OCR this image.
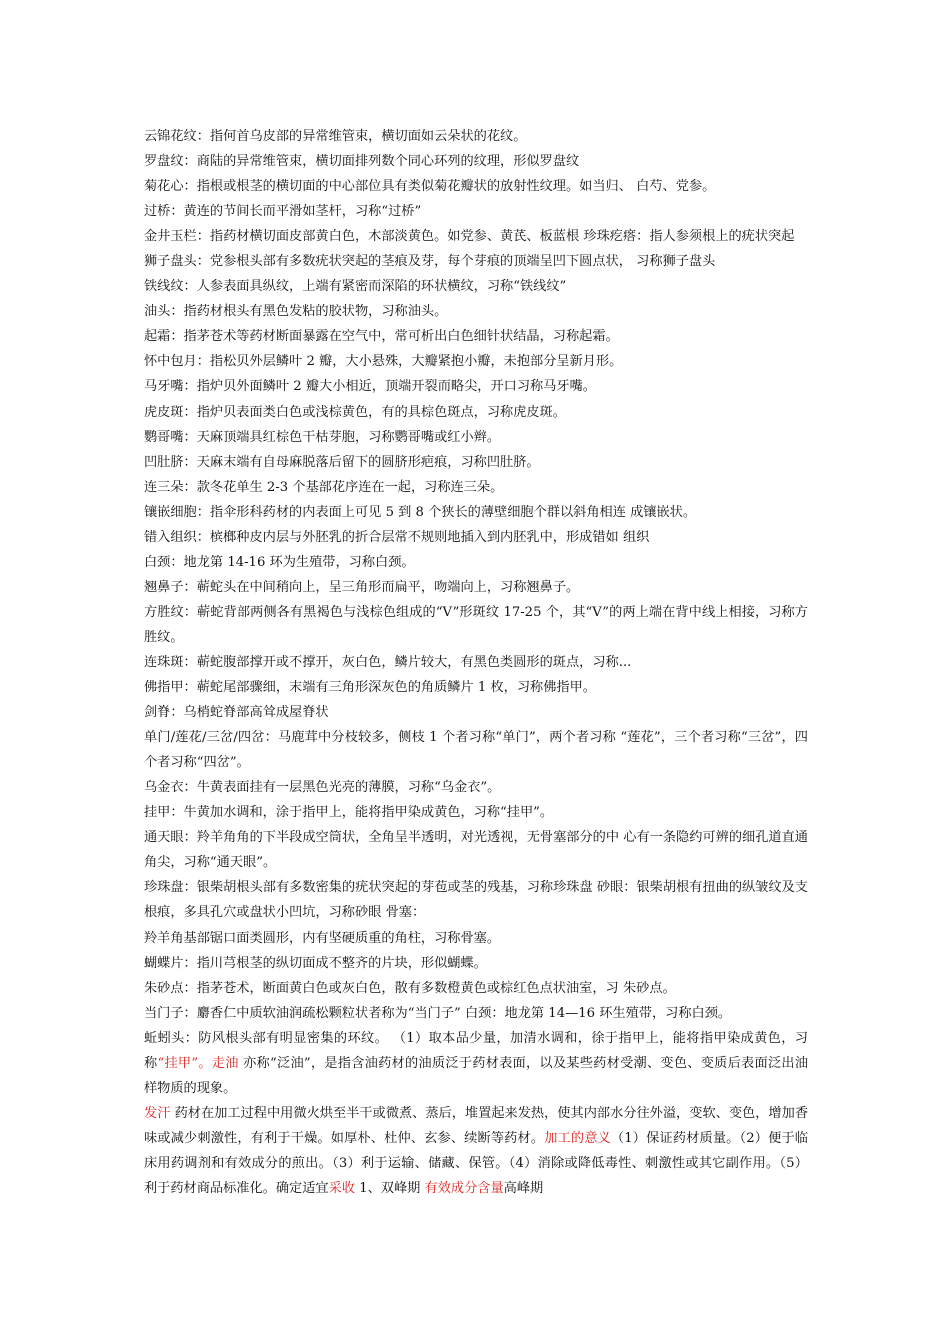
云锦花纹：指何首乌皮部的异常维管束，横切面如云朵状的花纹。

罗盘纹：商陆的异常维管束，横切面排列数个同心环列的纹理，形似罗盘纹

菊花心：指根或根茎的横切面的中心部位具有类似菊花瓣状的放射性纹理。如当归、 白芍、党参。

过桥：黄连的节间长而平滑如茎杆，习称“过桥”

金井玉栏：指药材横切面皮部黄白色，木部淡黄色。如党参、黄芪、板蓝根 珍珠疙瘩：指人参须根上的疣状突起

狮子盘头：党参根头部有多数疣状突起的茎痕及芽，每个芽痕的顶端呈凹下圆点状， 习称狮子盘头

铁线纹：人参表面具纵纹，上端有紧密而深陷的环状横纹，习称“铁线纹”

油头：指药材根头有黑色发粘的胶状物，习称油头。

起霜：指茅苍术等药材断面暴露在空气中，常可析出白色细针状结晶，习称起霜。

怀中包月：指松贝外层鳞叶 2 瓣，大小悬殊，大瓣紧抱小瓣，未抱部分呈新月形。

马牙嘴：指炉贝外面鳞叶 2 瓣大小相近，顶端开裂而略尖，开口习称马牙嘴。

虎皮斑：指炉贝表面类白色或浅棕黄色，有的具棕色斑点，习称虎皮斑。

鹦哥嘴：天麻顶端具红棕色干枯芽胞，习称鹦哥嘴或红小辫。

凹肚脐：天麻末端有自母麻脱落后留下的圆脐形疤痕，习称凹肚脐。

连三朵：款冬花单生 2-3 个基部花序连在一起，习称连三朵。

镶嵌细胞：指伞形科药材的内表面上可见 5 到 8 个狭长的薄壁细胞个群以斜角相连 成镶嵌状。

错入组织：槟榔种皮内层与外胚乳的折合层常不规则地插入到内胚乳中，形成错如 组织

白颈：地龙第 14-16 环为生殖带，习称白颈。

翘鼻子：蕲蛇头在中间稍向上，呈三角形而扁平，吻端向上，习称翘鼻子。

方胜纹：蕲蛇背部两侧各有黑褐色与浅棕色组成的“V”形斑纹 17-25 个，其“V”的两上端在背中线上相接，习称方胜纹。

连珠斑：蕲蛇腹部撑开或不撑开，灰白色，鳞片较大，有黑色类圆形的斑点，习称...

佛指甲：蕲蛇尾部骤细，末端有三角形深灰色的角质鳞片 1 枚，习称佛指甲。

剑脊：乌梢蛇脊部高耸成屋脊状

单门/莲花/三岔/四岔：马鹿茸中分枝较多，侧枝 1 个者习称“单门”，两个者习称 “莲花”，三个者习称“三岔”，四个者习称“四岔”。

乌金衣：牛黄表面挂有一层黑色光亮的薄膜，习称“乌金衣”。

挂甲：牛黄加水调和，涂于指甲上，能将指甲染成黄色，习称“挂甲”。

通天眼：羚羊角角的下半段成空筒状，全角呈半透明，对光透视，无骨塞部分的中 心有一条隐约可辨的细孔道直通角尖，习称“通天眼”。

珍珠盘：银柴胡根头部有多数密集的疣状突起的芽苞或茎的残基，习称珍珠盘 砂眼：银柴胡根有扭曲的纵皱纹及支根痕，多具孔穴或盘状小凹坑，习称砂眼 骨塞：

羚羊角基部锯口面类圆形，内有坚硬质重的角柱，习称骨塞。

蝴蝶片：指川芎根茎的纵切面成不整齐的片块，形似蝴蝶。

朱砂点：指茅苍术，断面黄白色或灰白色，散有多数橙黄色或棕红色点状油室，习 朱砂点。

当门子：麝香仁中质软油润疏松颗粒状者称为“当门子” 白颈：地龙第 14—16 环生殖带，习称白颈。

蚯蚓头：防风根头部有明显密集的环纹。 （1）取本品少量，加清水调和，徐于指甲上，能将指甲染成黄色，习称“挂甲”。走油 亦称“泛油”，是指含油药材的油质泛于药材表面，以及某些药材受潮、变色、变质后表面泛出油样物质的现象。

发汗 药材在加工过程中用微火烘至半干或微煮、蒸后，堆置起来发热，使其内部水分往外溢，变软、变色，增加香味或减少刺激性，有利于干燥。如厚朴、杜仲、玄参、续断等药材。加工的意义（1）保证药材质量。（2）便于临床用药调剂和有效成分的煎出。（3）利于运输、储藏、保管。（4）消除或降低毒性、刺激性或其它副作用。（5）利于药材商品标准化。确定适宜采收 1、双峰期 有效成分含量高峰期
